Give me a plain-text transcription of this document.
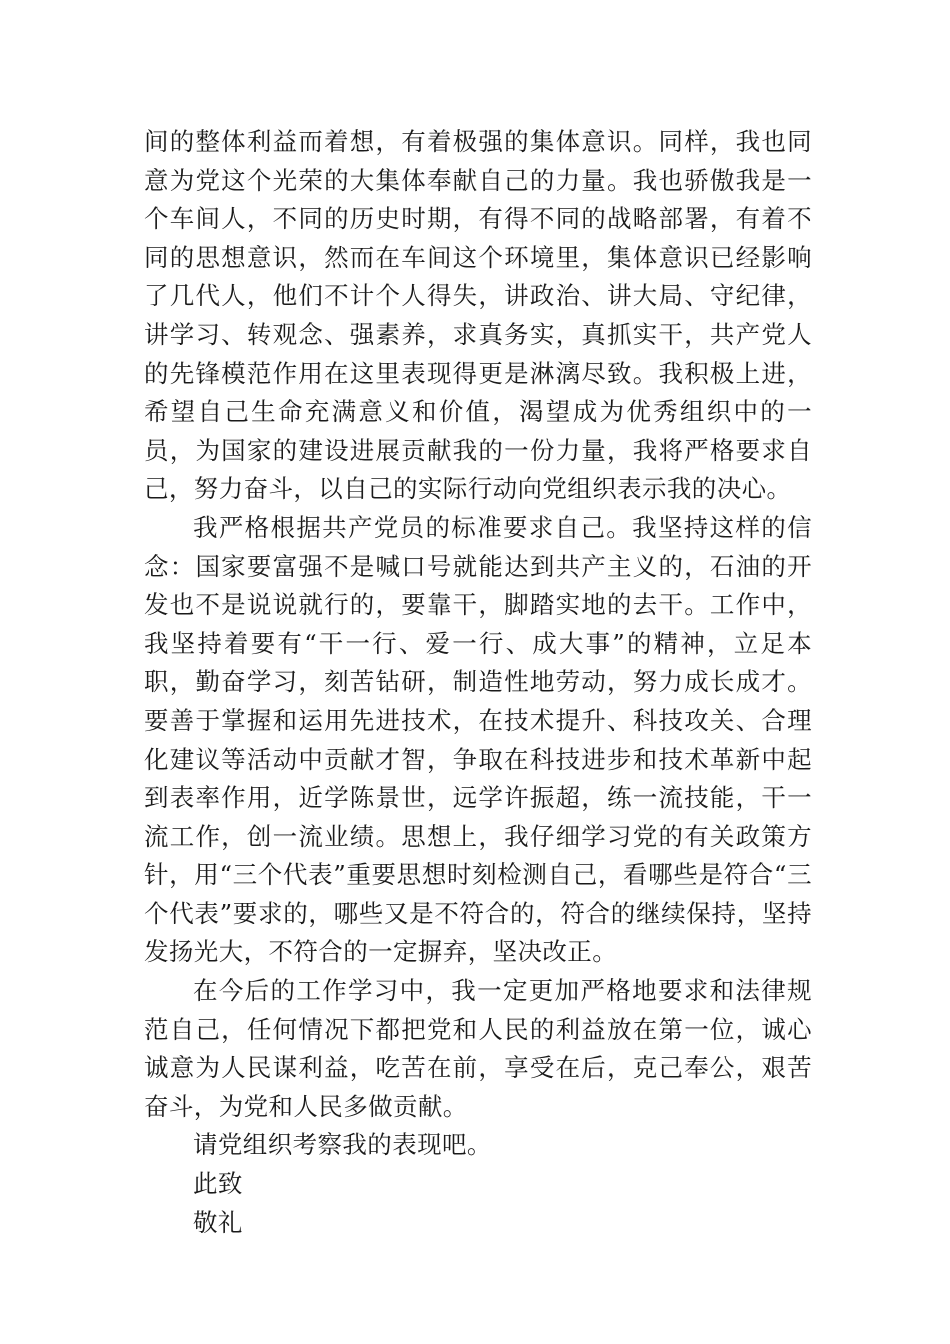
间的整体利益而着想，有着极强的集体意识。同样，我也同意为党这个光荣的大集体奉献自己的力量。我也骄傲我是一个车间人，不同的历史时期，有得不同的战略部署，有着不同的思想意识，然而在车间这个环境里，集体意识已经影响了几代人，他们不计个人得失，讲政治、讲大局、守纪律，讲学习、转观念、强素养，求真务实，真抓实干，共产党人的先锋模范作用在这里表现得更是淋漓尽致。我积极上进，希望自己生命充满意义和价值，渴望成为优秀组织中的一员，为国家的建设进展贡献我的一份力量，我将严格要求自己，努力奋斗，以自己的实际行动向党组织表示我的决心。

我严格根据共产党员的标准要求自己。我坚持这样的信念：国家要富强不是喊口号就能达到共产主义的，石油的开发也不是说说就行的，要靠干，脚踏实地的去干。工作中，我坚持着要有“干一行、爱一行、成大事”的精神，立足本职，勤奋学习，刻苦钻研，制造性地劳动，努力成长成才。要善于掌握和运用先进技术，在技术提升、科技攻关、合理化建议等活动中贡献才智，争取在科技进步和技术革新中起到表率作用，近学陈景世，远学许振超，练一流技能，干一流工作，创一流业绩。思想上，我仔细学习党的有关政策方针，用“三个代表”重要思想时刻检测自己，看哪些是符合“三个代表”要求的，哪些又是不符合的，符合的继续保持，坚持发扬光大，不符合的一定摒弃，坚决改正。

在今后的工作学习中，我一定更加严格地要求和法律规范自己，任何情况下都把党和人民的利益放在第一位，诚心诚意为人民谋利益，吃苦在前，享受在后，克己奉公，艰苦奋斗，为党和人民多做贡献。

请党组织考察我的表现吧。

此致

敬礼
